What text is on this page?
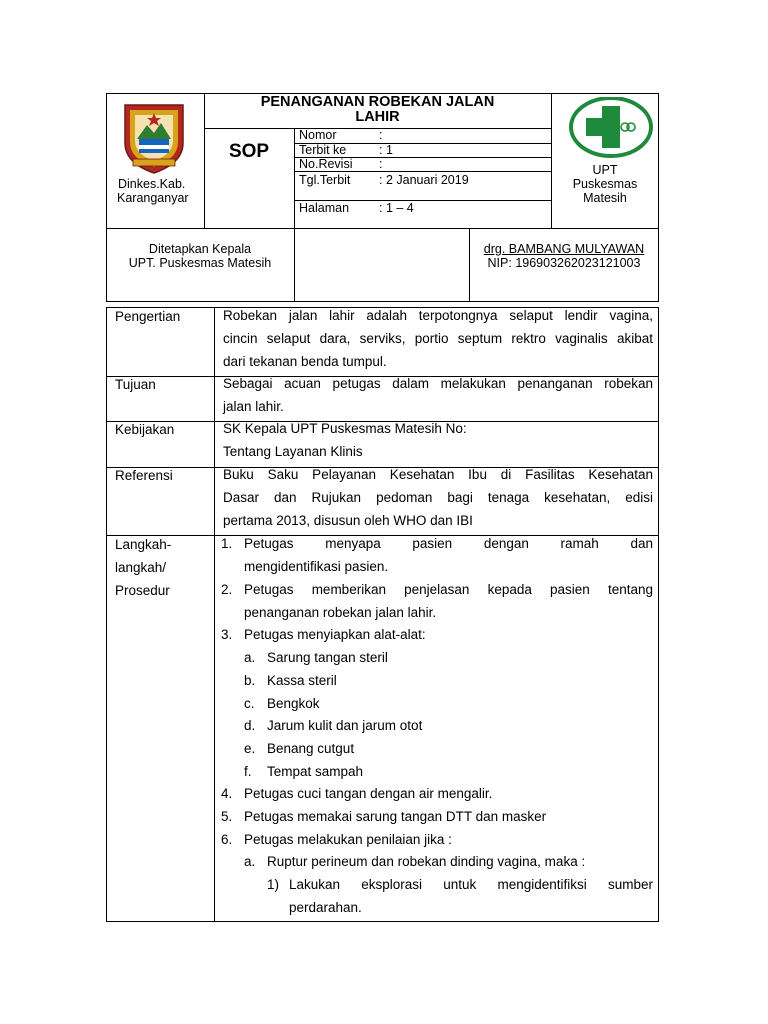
Dinkes.Kab.
Karanganyar
PENANGANAN ROBEKAN JALAN
LAHIR
SOP
Nomor	:
Terbit ke	: 1
No.Revisi :
Tgl.Terbit : 2 Januari 2019
Halaman : 1 – 4
UPT
Puskesmas
Matesih
Ditetapkan Kepala
UPT. Puskesmas Matesih
drg. BAMBANG MULYAWAN
NIP: 196903262023121003
Pengertian	Robekan jalan lahir adalah terpotongnya selaput lendir vagina,
cincin selaput dara, serviks, portio septum rektro vaginalis akibat
dari tekanan benda tumpul.
Tujuan	Sebagai acuan petugas dalam melakukan penanganan robekan
jalan lahir.
Kebijakan	SK Kepala UPT Puskesmas Matesih No:
Tentang Layanan Klinis
Referensi	Buku Saku Pelayanan Kesehatan Ibu di Fasilitas Kesehatan
Dasar dan Rujukan pedoman bagi tenaga kesehatan, edisi
pertama 2013, disusun oleh WHO dan IBI
Langkah-
langkah/
Prosedur
1. Petugas menyapa pasien dengan ramah dan
mengidentifikasi pasien.
2. Petugas memberikan penjelasan kepada pasien tentang
penanganan robekan jalan lahir.
3. Petugas menyiapkan alat-alat:
a. Sarung tangan steril
b. Kassa steril
c. Bengkok
d. Jarum kulit dan jarum otot
e. Benang cutgut
f. Tempat sampah
4. Petugas cuci tangan dengan air mengalir.
5. Petugas memakai sarung tangan DTT dan masker
6. Petugas melakukan penilaian jika :
a. Ruptur perineum dan robekan dinding vagina, maka :
1) Lakukan eksplorasi untuk mengidentifiksi sumber
perdarahan.
